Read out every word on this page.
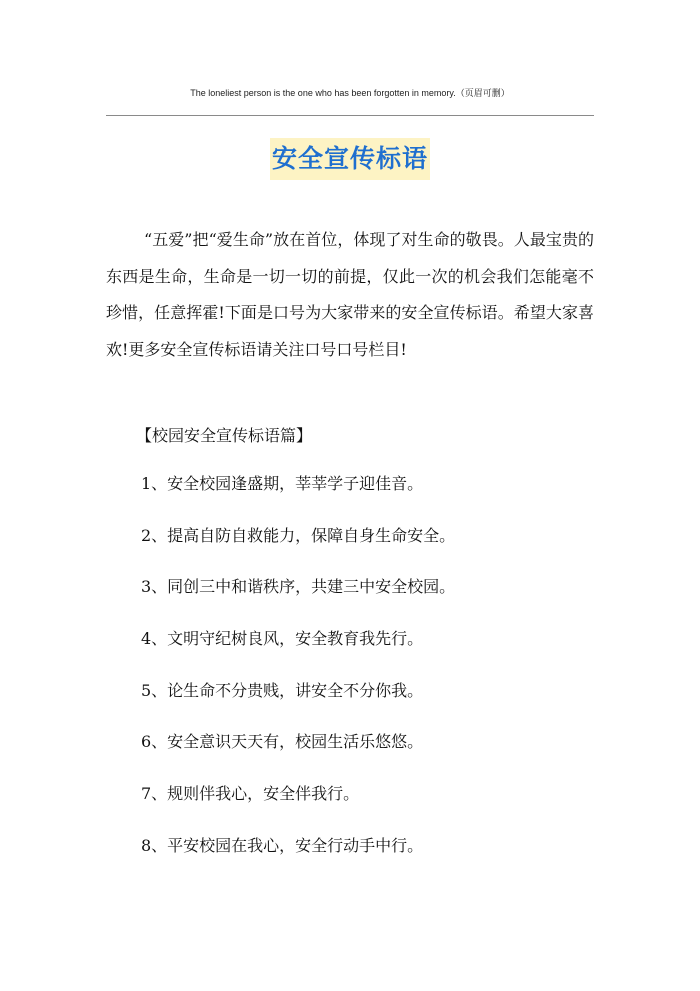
The loneliest person is the one who has been forgotten in memory.（页眉可删）
安全宣传标语

“五爱”把“爱生命”放在首位，体现了对生命的敬畏。人最宝贵的东西是生命，生命是一切一切的前提，仅此一次的机会我们怎能毫不珍惜，任意挥霍!下面是口号为大家带来的安全宣传标语。希望大家喜欢!更多安全宣传标语请关注口号口号栏目!

【校园安全宣传标语篇】
1、安全校园逢盛期，莘莘学子迎佳音。
2、提高自防自救能力，保障自身生命安全。
3、同创三中和谐秩序，共建三中安全校园。
4、文明守纪树良风，安全教育我先行。
5、论生命不分贵贱，讲安全不分你我。
6、安全意识天天有，校园生活乐悠悠。
7、规则伴我心，安全伴我行。
8、平安校园在我心，安全行动手中行。
